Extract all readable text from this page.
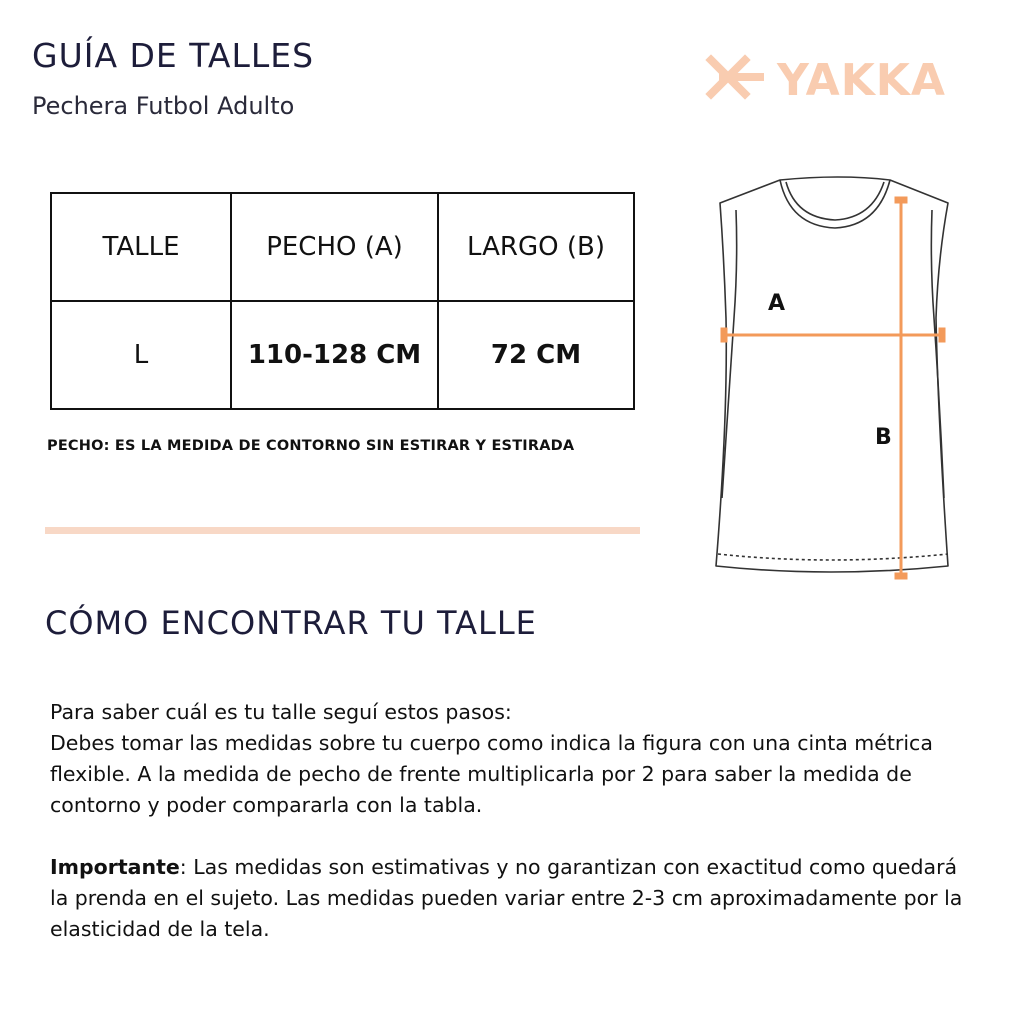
GUÍA DE TALLES
Pechera Futbol Adulto	YAKKA
TALLE	PECHO (A)	LARGO (B)
L	110-128 CM	72 CM
PECHO: ES LA MEDIDA DE CONTORNO SIN ESTIRAR Y ESTIRADA
A
B
CÓMO ENCONTRAR TU TALLE

Para saber cuál es tu talle seguí estos pasos:

Debes tomar las medidas sobre tu cuerpo como indica la figura con una cinta métrica flexible. A la medida de pecho de frente multiplicarla por 2 para saber la medida de contorno y poder compararla con la tabla.

Importante: Las medidas son estimativas y no garantizan con exactitud como quedará la prenda en el sujeto. Las medidas pueden variar entre 2-3 cm aproximadamente por la elasticidad de la tela.
